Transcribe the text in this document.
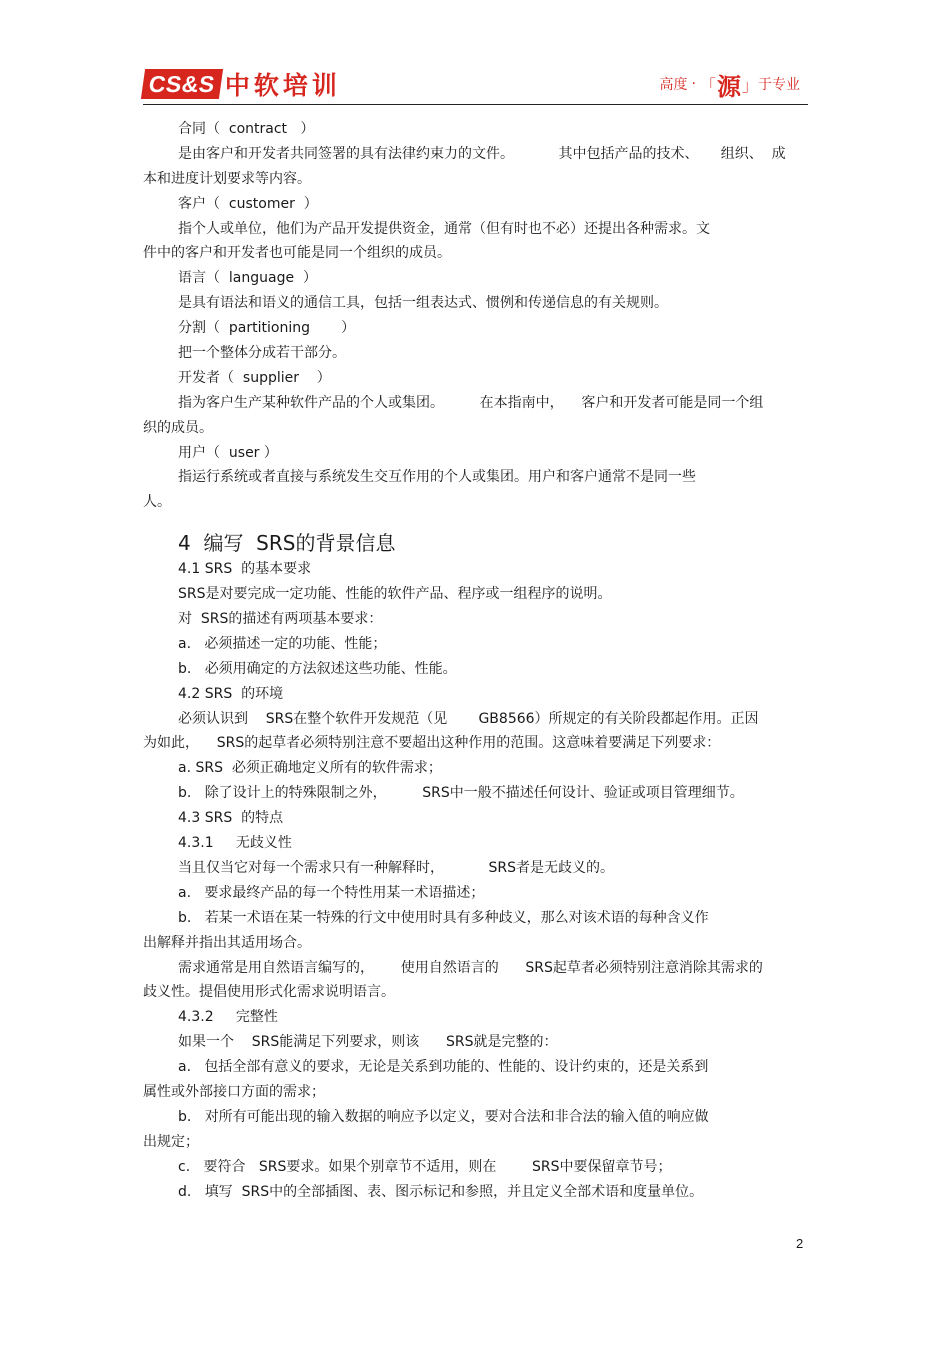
CS&S 中软培训	高度 · 「 源 」 于专业
合同（  contract   ）
是由客户和开发者共同签署的具有法律约束力的文件。          其中包括产品的技术、     组织、  成
本和进度计划要求等内容。
客户（  customer  ）
指个人或单位，他们为产品开发提供资金，通常（但有时也不必）还提出各种需求。文
件中的客户和开发者也可能是同一个组织的成员。
语言（  language  ）
是具有语法和语义的通信工具，包括一组表达式、惯例和传递信息的有关规则。
分割（  partitioning       ）
把一个整体分成若干部分。
开发者（  supplier    ）
指为客户生产某种软件产品的个人或集团。        在本指南中，    客户和开发者可能是同一个组
织的成员。
用户（  user ）
指运行系统或者直接与系统发生交互作用的个人或集团。用户和客户通常不是同一些
人。
4  编写  SRS的背景信息
4.1 SRS  的基本要求
SRS是对要完成一定功能、性能的软件产品、程序或一组程序的说明。
对  SRS的描述有两项基本要求：
a.   必须描述一定的功能、性能；
b.   必须用确定的方法叙述这些功能、性能。
4.2 SRS  的环境
必须认识到    SRS在整个软件开发规范（见       GB8566）所规定的有关阶段都起作用。正因
为如此，    SRS的起草者必须特别注意不要超出这种作用的范围。这意味着要满足下列要求：
a. SRS  必须正确地定义所有的软件需求；
b.   除了设计上的特殊限制之外，        SRS中一般不描述任何设计、验证或项目管理细节。
4.3 SRS  的特点
4.3.1     无歧义性
当且仅当它对每一个需求只有一种解释时，          SRS者是无歧义的。
a.   要求最终产品的每一个特性用某一术语描述；
b.   若某一术语在某一特殊的行文中使用时具有多种歧义，那么对该术语的每种含义作
出解释并指出其适用场合。
需求通常是用自然语言编写的，      使用自然语言的      SRS起草者必须特别注意消除其需求的
歧义性。提倡使用形式化需求说明语言。
4.3.2     完整性
如果一个    SRS能满足下列要求，则该      SRS就是完整的：
a.   包括全部有意义的要求，无论是关系到功能的、性能的、设计约束的，还是关系到
属性或外部接口方面的需求；
b.   对所有可能出现的输入数据的响应予以定义，要对合法和非合法的输入值的响应做
出规定；
c.   要符合   SRS要求。如果个别章节不适用，则在        SRS中要保留章节号；
d.   填写  SRS中的全部插图、表、图示标记和参照，并且定义全部术语和度量单位。
2
